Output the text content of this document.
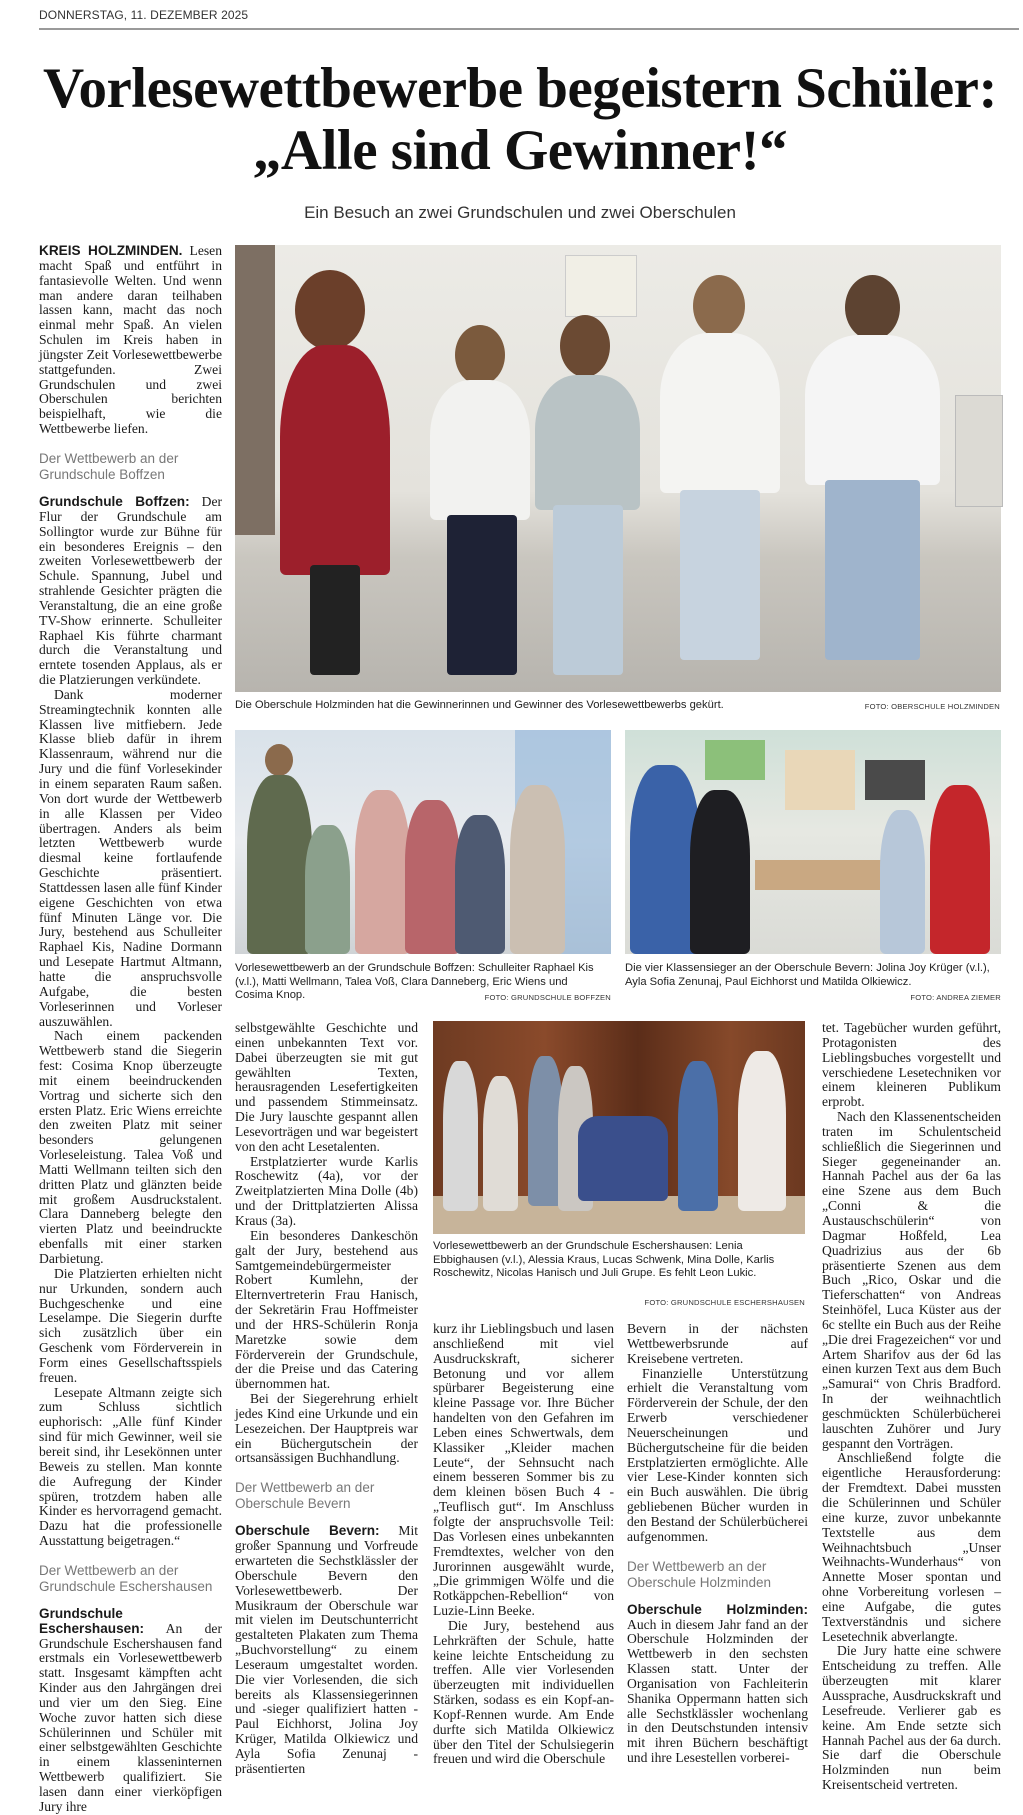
DONNERSTAG, 11. DEZEMBER 2025
Vorlesewettbewerbe begeistern Schüler:
„Alle sind Gewinner!“
Ein Besuch an zwei Grundschulen und zwei Oberschulen
Die Oberschule Holzminden hat die Gewinnerinnen und Gewinner des Vorlesewettbewerbs gekürt.	FOTO: OBERSCHULE HOLZMINDEN
Vorlesewettbewerb an der Grundschule Boffzen: Schulleiter Raphael Kis (v.l.), Matti Wellmann, Talea Voß, Clara Danneberg, Eric Wiens und Cosima Knop.	FOTO: GRUNDSCHULE BOFFZEN
Die vier Klassensieger an der Oberschule Bevern: Jolina Joy Krüger (v.l.), Ayla Sofia Zenunaj, Paul Eichhorst und Matilda Olkiewicz.
FOTO: ANDREA ZIEMER
Vorlesewettbewerb an der Grundschule Eschershausen: Lenia Ebbighausen (v.l.), Alessia Kraus, Lucas Schwenk, Mina Dolle, Karlis Roschewitz, Nicolas Hanisch und Juli Grupe. Es fehlt Leon Lukic.
FOTO: GRUNDSCHULE ESCHERSHAUSEN

KREIS HOLZMINDEN. Lesen macht Spaß und entführt in fantasievolle Welten. Und wenn man andere daran teilhaben lassen kann, macht das noch einmal mehr Spaß. An vielen Schulen im Kreis haben in jüngster Zeit Vorlesewettbewerbe stattgefunden. Zwei Grundschulen und zwei Oberschulen berichten beispielhaft, wie die Wettbewerbe liefen.

Der Wettbewerb an der Grundschule Boffzen

Grundschule Boffzen: Der Flur der Grundschule am Sollingtor wurde zur Bühne für ein besonderes Ereignis – den zweiten Vorlesewettbewerb der Schule. Spannung, Jubel und strahlende Gesichter prägten die Veranstaltung, die an eine große TV-Show erinnerte. Schulleiter Raphael Kis führte charmant durch die Veranstaltung und erntete tosenden Applaus, als er die Platzierungen verkündete.

Dank moderner Streamingtechnik konnten alle Klassen live mitfiebern. Jede Klasse blieb dafür in ihrem Klassenraum, während nur die Jury und die fünf Vorlesekinder in einem separaten Raum saßen. Von dort wurde der Wettbewerb in alle Klassen per Video übertragen. Anders als beim letzten Wettbewerb wurde diesmal keine fortlaufende Geschichte präsentiert. Stattdessen lasen alle fünf Kinder eigene Geschichten von etwa fünf Minuten Länge vor. Die Jury, bestehend aus Schulleiter Raphael Kis, Nadine Dormann und Lesepate Hartmut Altmann, hatte die anspruchsvolle Aufgabe, die besten Vorleserinnen und Vorleser auszuwählen.

Nach einem packenden Wettbewerb stand die Siegerin fest: Cosima Knop überzeugte mit einem beeindruckenden Vortrag und sicherte sich den ersten Platz. Eric Wiens erreichte den zweiten Platz mit seiner besonders gelungenen Vorleseleistung. Talea Voß und Matti Wellmann teilten sich den dritten Platz und glänzten beide mit großem Ausdruckstalent. Clara Danneberg belegte den vierten Platz und beeindruckte ebenfalls mit einer starken Darbietung.

Die Platzierten erhielten nicht nur Urkunden, sondern auch Buchgeschenke und eine Leselampe. Die Siegerin durfte sich zusätzlich über ein Geschenk vom Förderverein in Form eines Gesellschaftsspiels freuen.

Lesepate Altmann zeigte sich zum Schluss sichtlich euphorisch: „Alle fünf Kinder sind für mich Gewinner, weil sie bereit sind, ihr Lesekönnen unter Beweis zu stellen. Man konnte die Aufregung der Kinder spüren, trotzdem haben alle Kinder es hervorragend gemacht. Dazu hat die professionelle Ausstattung beigetragen.“

Der Wettbewerb an der Grundschule Eschershausen

Grundschule Eschershausen: An der Grundschule Eschershausen fand erstmals ein Vorlesewettbewerb statt. Insgesamt kämpften acht Kinder aus den Jahrgängen drei und vier um den Sieg. Eine Woche zuvor hatten sich diese Schülerinnen und Schüler mit einer selbstgewählten Geschichte in einem klasseninternen Wettbewerb qualifiziert. Sie lasen dann einer vierköpfigen Jury ihre

selbstgewählte Geschichte und einen unbekannten Text vor. Dabei überzeugten sie mit gut gewählten Texten, herausragenden Lesefertigkeiten und passendem Stimmeinsatz. Die Jury lauschte gespannt allen Lesevorträgen und war begeistert von den acht Lesetalenten.

Erstplatzierter wurde Karlis Roschewitz (4a), vor der Zweitplatzierten Mina Dolle (4b) und der Drittplatzierten Alissa Kraus (3a).

Ein besonderes Dankeschön galt der Jury, bestehend aus Samtgemeindebürgermeister Robert Kumlehn, der Elternvertreterin Frau Hanisch, der Sekretärin Frau Hoffmeister und der HRS-Schülerin Ronja Maretzke sowie dem Förderverein der Grundschule, der die Preise und das Catering übernommen hat.

Bei der Siegerehrung erhielt jedes Kind eine Urkunde und ein Lesezeichen. Der Hauptpreis war ein Büchergutschein der ortsansässigen Buchhandlung.

Der Wettbewerb an der Oberschule Bevern

Oberschule Bevern: Mit großer Spannung und Vorfreude erwarteten die Sechstklässler der Oberschule Bevern den Vorlesewettbewerb. Der Musikraum der Oberschule war mit vielen im Deutschunterricht gestalteten Plakaten zum Thema „Buchvorstellung“ zu einem Leseraum umgestaltet worden. Die vier Vorlesenden, die sich bereits als Klassensiegerinnen und -sieger qualifiziert hatten - Paul Eichhorst, Jolina Joy Krüger, Matilda Olkiewicz und Ayla Sofia Zenunaj - präsentierten

kurz ihr Lieblingsbuch und lasen anschließend mit viel Ausdruckskraft, sicherer Betonung und vor allem spürbarer Begeisterung eine kleine Passage vor. Ihre Bücher handelten von den Gefahren im Leben eines Schwertwals, dem Klassiker „Kleider machen Leute“, der Sehnsucht nach einem besseren Sommer bis zu dem kleinen bösen Buch 4 - „Teuflisch gut“. Im Anschluss folgte der anspruchsvolle Teil: Das Vorlesen eines unbekannten Fremdtextes, welcher von den Jurorinnen ausgewählt wurde, „Die grimmigen Wölfe und die Rotkäppchen-Rebellion“ von Luzie-Linn Beeke.

Die Jury, bestehend aus Lehrkräften der Schule, hatte keine leichte Entscheidung zu treffen. Alle vier Vorlesenden überzeugten mit individuellen Stärken, sodass es ein Kopf-an-Kopf-Rennen wurde. Am Ende durfte sich Matilda Olkiewicz über den Titel der Schulsiegerin freuen und wird die Oberschule

Bevern in der nächsten Wettbewerbsrunde auf Kreisebene vertreten.

Finanzielle Unterstützung erhielt die Veranstaltung vom Förderverein der Schule, der den Erwerb verschiedener Neuerscheinungen und Büchergutscheine für die beiden Erstplatzierten ermöglichte. Alle vier Lese-Kinder konnten sich ein Buch auswählen. Die übrig gebliebenen Bücher wurden in den Bestand der Schülerbücherei aufgenommen.

Der Wettbewerb an der Oberschule Holzminden

Oberschule Holzminden: Auch in diesem Jahr fand an der Oberschule Holzminden der Wettbewerb in den sechsten Klassen statt. Unter der Organisation von Fachleiterin Shanika Oppermann hatten sich alle Sechstklässler wochenlang in den Deutschstunden intensiv mit ihren Büchern beschäftigt und ihre Lesestellen vorberei-

tet. Tagebücher wurden geführt, Protagonisten des Lieblingsbuches vorgestellt und verschiedene Lesetechniken vor einem kleineren Publikum erprobt.

Nach den Klassenentscheiden traten im Schulentscheid schließlich die Siegerinnen und Sieger gegeneinander an. Hannah Pachel aus der 6a las eine Szene aus dem Buch „Conni & die Austauschschülerin“ von Dagmar Hoßfeld, Lea Quadrizius aus der 6b präsentierte Szenen aus dem Buch „Rico, Oskar und die Tieferschatten“ von Andreas Steinhöfel, Luca Küster aus der 6c stellte ein Buch aus der Reihe „Die drei Fragezeichen“ vor und Artem Sharifov aus der 6d las einen kurzen Text aus dem Buch „Samurai“ von Chris Bradford. In der weihnachtlich geschmückten Schülerbücherei lauschten Zuhörer und Jury gespannt den Vorträgen.

Anschließend folgte die eigentliche Herausforderung: der Fremdtext. Dabei mussten die Schülerinnen und Schüler eine kurze, zuvor unbekannte Textstelle aus dem Weihnachtsbuch „Unser Weihnachts-Wunderhaus“ von Annette Moser spontan und ohne Vorbereitung vorlesen – eine Aufgabe, die gutes Textverständnis und sichere Lesetechnik abverlangte.

Die Jury hatte eine schwere Entscheidung zu treffen. Alle überzeugten mit klarer Aussprache, Ausdruckskraft und Lesefreude. Verlierer gab es keine. Am Ende setzte sich Hannah Pachel aus der 6a durch. Sie darf die Oberschule Holzminden nun beim Kreisentscheid vertreten.
